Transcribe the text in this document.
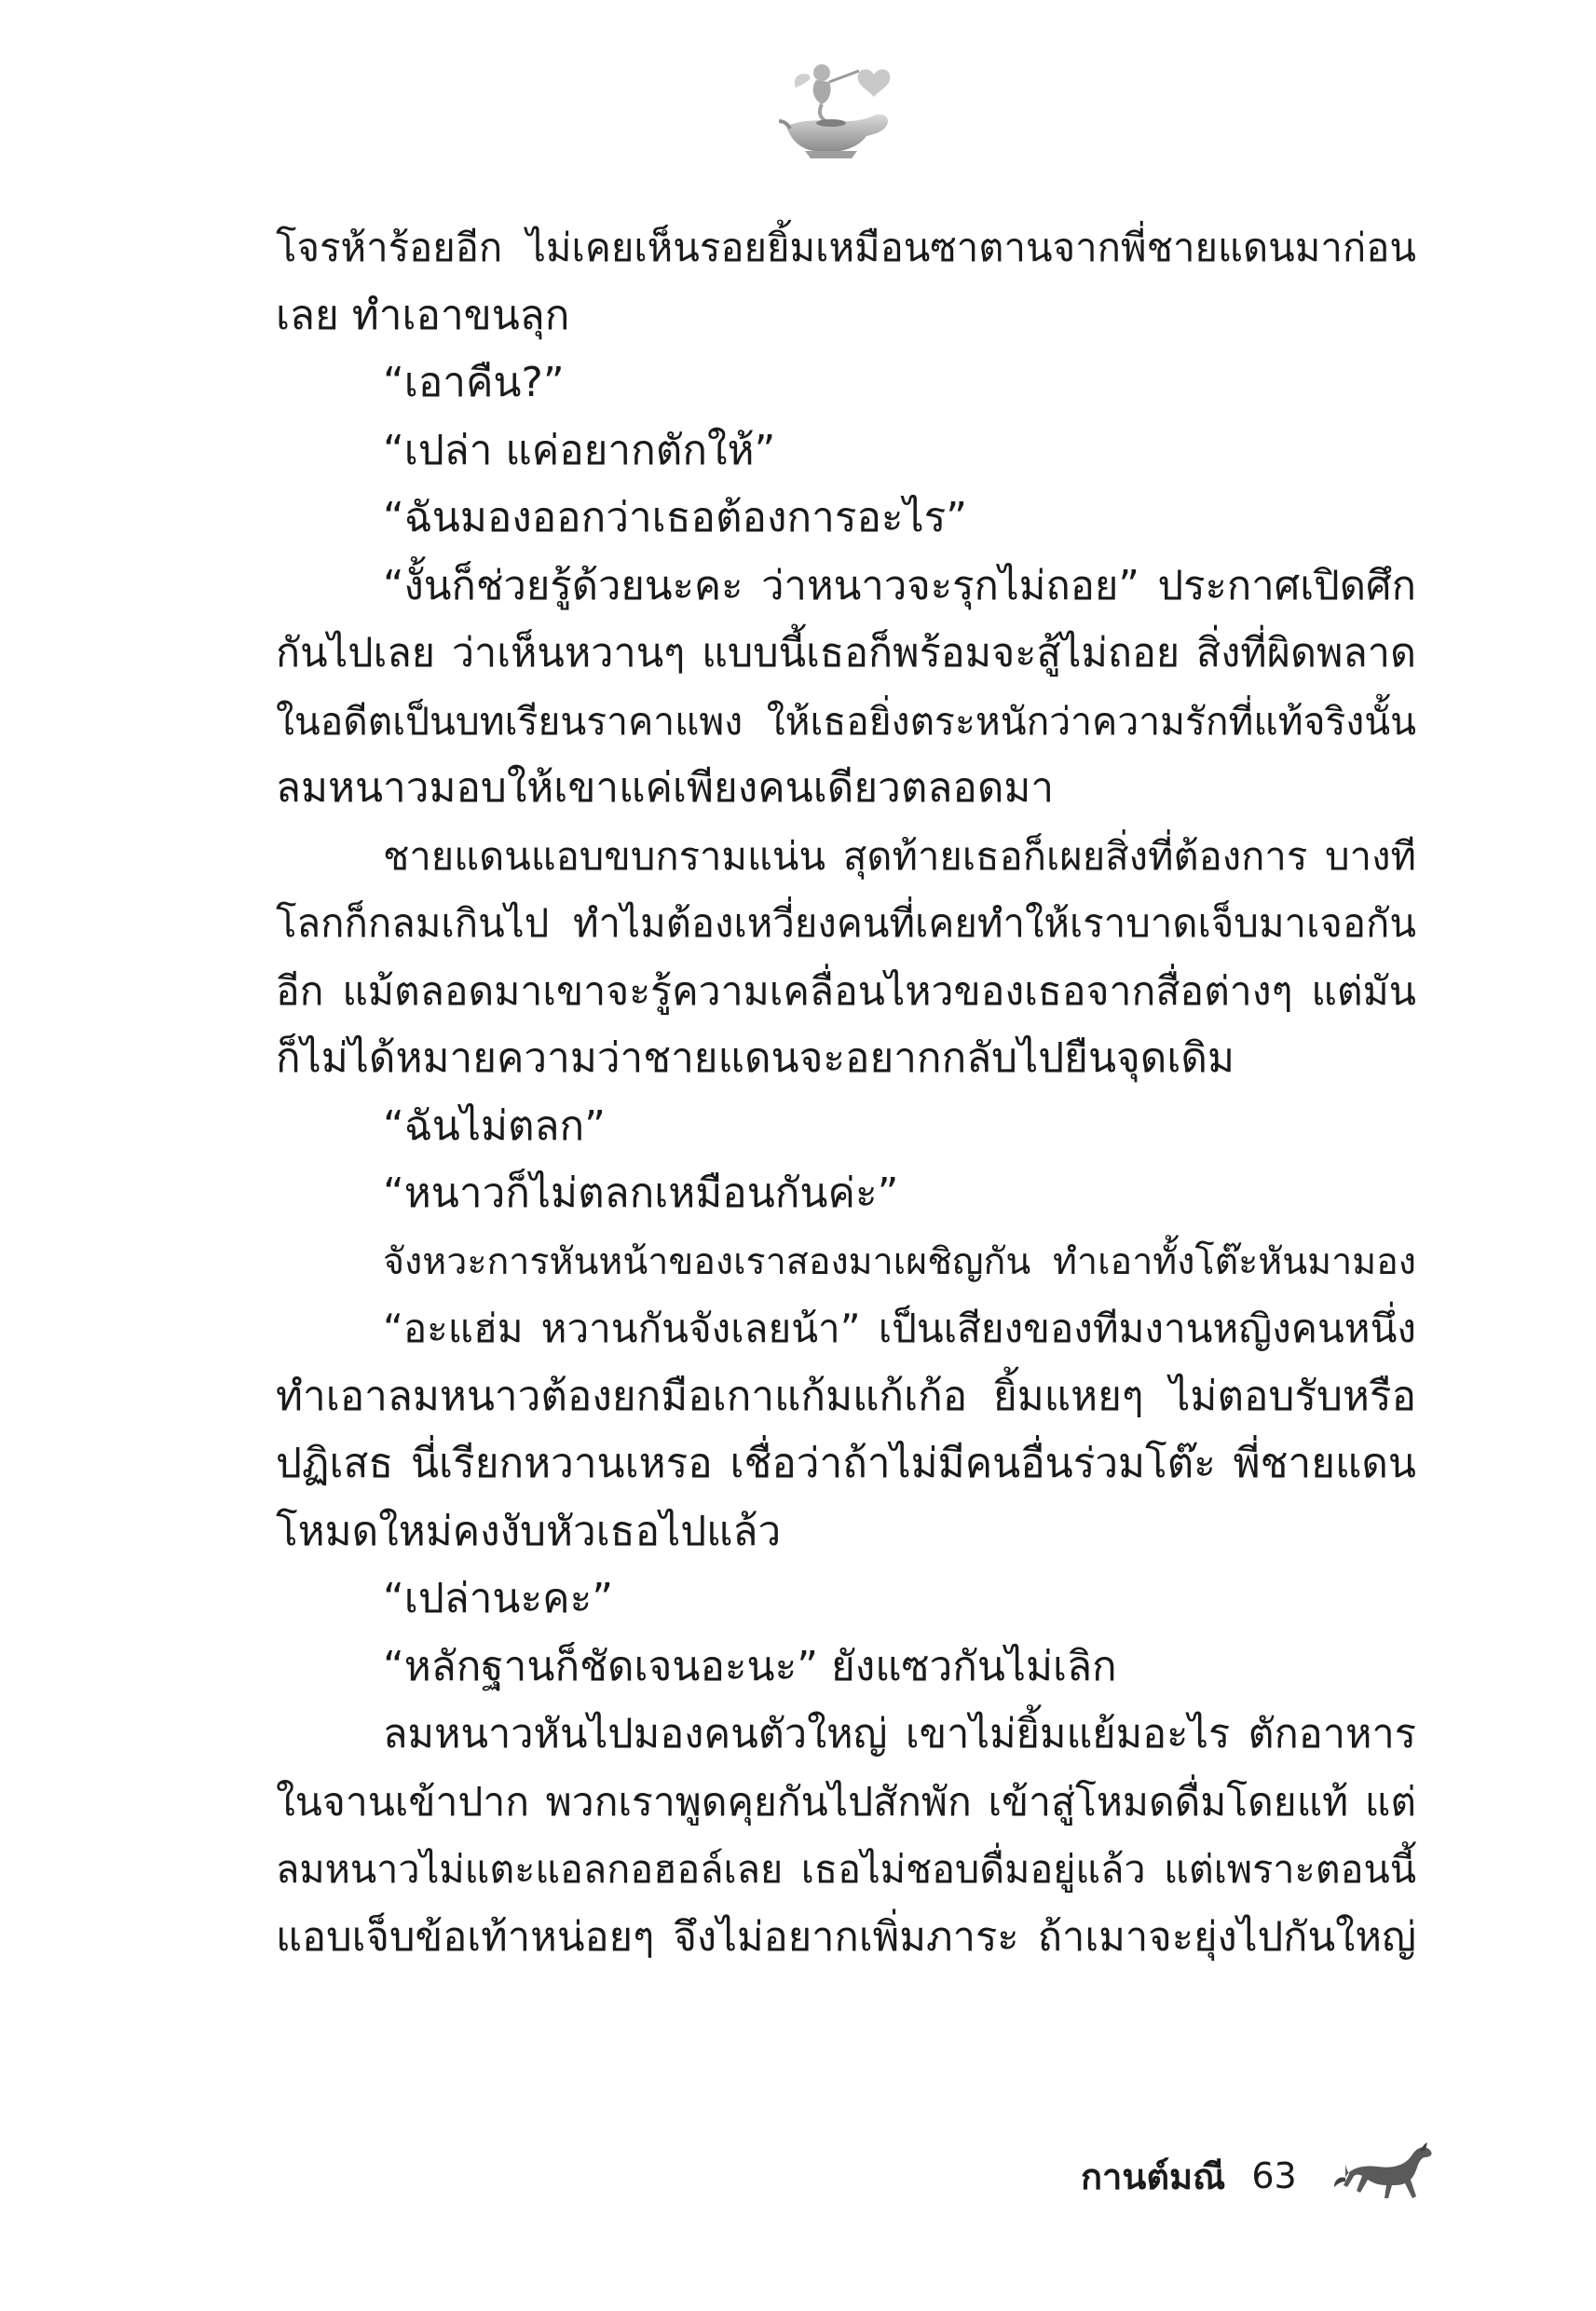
โจรห้าร้อยอีก ไม่เคยเห็นรอยยิ้มเหมือนซาตานจากพี่ชายแดนมาก่อน
เลย ทำเอาขนลุก
“เอาคืน?”
“เปล่า แค่อยากตักให้”
“ฉันมองออกว่าเธอต้องการอะไร”
“งั้นก็ช่วยรู้ด้วยนะคะ ว่าหนาวจะรุกไม่ถอย” ประกาศเปิดศึก
กันไปเลย ว่าเห็นหวานๆ แบบนี้เธอก็พร้อมจะสู้ไม่ถอย สิ่งที่ผิดพลาด
ในอดีตเป็นบทเรียนราคาแพง ให้เธอยิ่งตระหนักว่าความรักที่แท้จริงนั้น
ลมหนาวมอบให้เขาแค่เพียงคนเดียวตลอดมา
ชายแดนแอบขบกรามแน่น สุดท้ายเธอก็เผยสิ่งที่ต้องการ บางที
โลกก็กลมเกินไป ทำไมต้องเหวี่ยงคนที่เคยทำให้เราบาดเจ็บมาเจอกัน
อีก แม้ตลอดมาเขาจะรู้ความเคลื่อนไหวของเธอจากสื่อต่างๆ แต่มัน
ก็ไม่ได้หมายความว่าชายแดนจะอยากกลับไปยืนจุดเดิม
“ฉันไม่ตลก”
“หนาวก็ไม่ตลกเหมือนกันค่ะ”
จังหวะการหันหน้าของเราสองมาเผชิญกัน ทำเอาทั้งโต๊ะหันมามอง
“อะแฮ่ม หวานกันจังเลยน้า” เป็นเสียงของทีมงานหญิงคนหนึ่ง
ทำเอาลมหนาวต้องยกมือเกาแก้มแก้เก้อ ยิ้มแหยๆ ไม่ตอบรับหรือ
ปฏิเสธ นี่เรียกหวานเหรอ เชื่อว่าถ้าไม่มีคนอื่นร่วมโต๊ะ พี่ชายแดน
โหมดใหม่คงงับหัวเธอไปแล้ว
“เปล่านะคะ”
“หลักฐานก็ชัดเจนอะนะ” ยังแซวกันไม่เลิก
ลมหนาวหันไปมองคนตัวใหญ่ เขาไม่ยิ้มแย้มอะไร ตักอาหาร
ในจานเข้าปาก พวกเราพูดคุยกันไปสักพัก เข้าสู่โหมดดื่มโดยแท้ แต่
ลมหนาวไม่แตะแอลกอฮอล์เลย เธอไม่ชอบดื่มอยู่แล้ว แต่เพราะตอนนี้
แอบเจ็บข้อเท้าหน่อยๆ จึงไม่อยากเพิ่มภาระ ถ้าเมาจะยุ่งไปกันใหญ่
กานต์มณี 63
